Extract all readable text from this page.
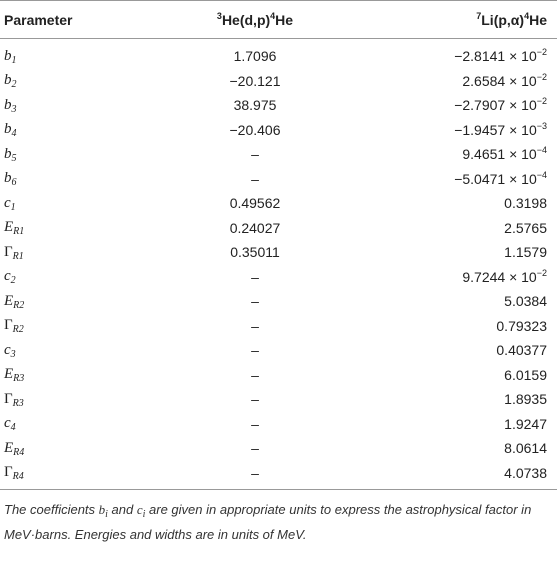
Parameter	$^3He(d,p)^4He$	$^7Li(p,\alpha)^4He$
$b_1$	1.7096	$-2.8141 \times 10^{-2}$
$b_2$	−20.121	$2.6584 \times 10^{-2}$
$b_3$	38.975	$-2.7907 \times 10^{-2}$
$b_4$	−20.406	$-1.9457 \times 10^{-3}$
$b_5$	–	$9.4651 \times 10^{-4}$
$b_6$	–	$-5.0471 \times 10^{-4}$
$c_1$	0.49562	0.3198
$E_{R1}$	0.24027	2.5765
$\Gamma_{R1}$	0.35011	1.1579
$c_2$	–	$9.7244 \times 10^{-2}$
$E_{R2}$	–	5.0384
$\Gamma_{R2}$	–	0.79323
$c_3$	–	0.40377
$E_{R3}$	–	6.0159
$\Gamma_{R3}$	–	1.8935
$c_4$	–	1.9247
$E_{R4}$	–	8.0614
$\Gamma_{R4}$	–	4.0738
The coefficients $b_i$ and $c_i$ are given in appropriate units to express the astrophysical factor in MeV·barns. Energies and widths are in units of MeV.
